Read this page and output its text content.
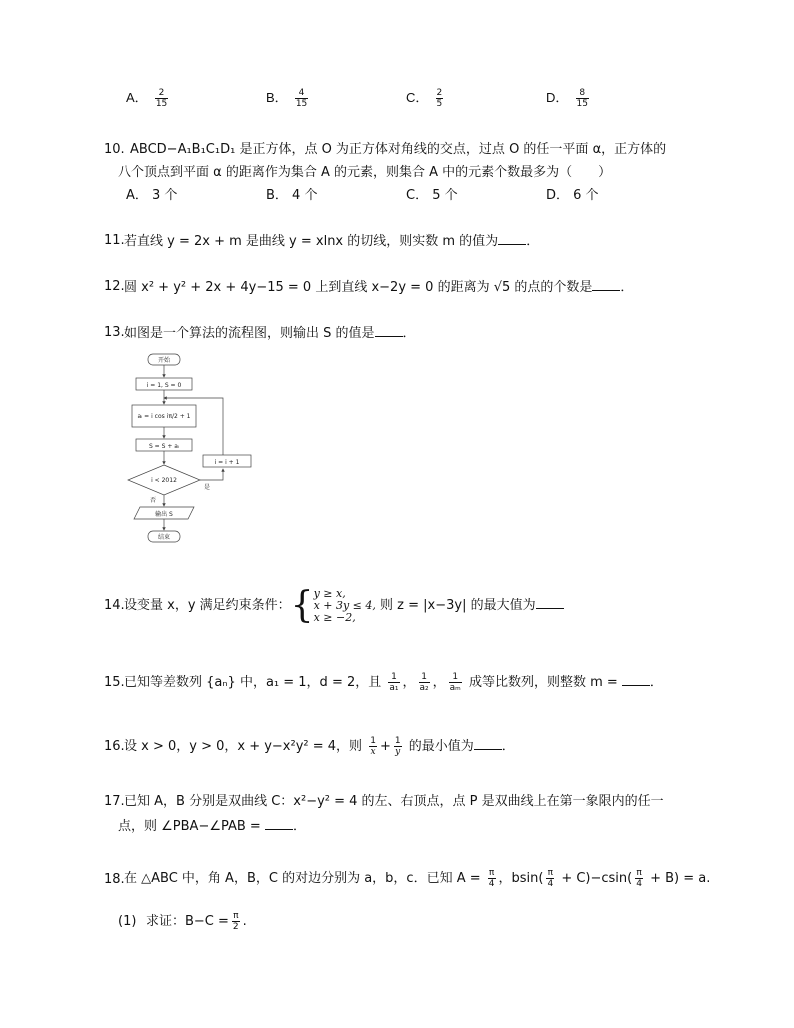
A． $\frac{2}{15}$	B． $\frac{4}{15}$	C． $\frac{2}{5}$	D． $\frac{8}{15}$
10. ABCD−A₁B₁C₁D₁ 是正方体，点 O 为正方体对角线的交点，过点 O 的任一平面 α，正方体的
八个顶点到平面 α 的距离作为集合 A 的元素，则集合 A 中的元素个数最多为（　　）
A． 3 个	B． 4 个	C． 5 个	D． 6 个
11. 若直线 y = 2x + m 是曲线 y = xlnx 的切线，则实数 m 的值为 ．
12. 圆 x² + y² + 2x + 4y−15 = 0 上到直线 x−2y = 0 的距离为 √5 的点的个数是 ．
13. 如图是一个算法的流程图，则输出 S 的值是 ．
开始
i = 1, S = 0
aᵢ = i cos iπ/2 + 1
S = S + aᵢ
i < 2012
i = i + 1
是
否
输出 S
结束
14. 设变量 x，y 满足约束条件：{ y ≥ x,
x + 3y ≤ 4,
x ≥ −2,
则 z = |x−3y| 的最大值为
15. 已知等差数列 {aₙ} 中，a₁ = 1，d = 2，且 $\frac{1}{\text{a₁}}$ ， $\frac{1}{\text{a₂}}$ ， $\frac{1}{\text{aₘ}}$ 成等比数列，则整数 m = ．
16. 设 x > 0，y > 0，x + y−x²y² = 4，则 $\frac{1}{x} + \frac{1}{y}$ 的最小值为 ．
17. 已知 A，B 分别是双曲线 C：x²−y² = 4 的左、右顶点，点 P 是双曲线上在第一象限内的任一
点，则 ∠PBA−∠PAB = ．
18. 在 △ABC 中，角 A，B，C 的对边分别为 a，b，c．已知 $A = \frac{\pi}{4}$ ，$bsin( \frac{\pi}{4} + C)-csin( \frac{\pi}{4} + B) = a$.
(1) 求证：$B-C = \frac{\pi}{2}$ .
